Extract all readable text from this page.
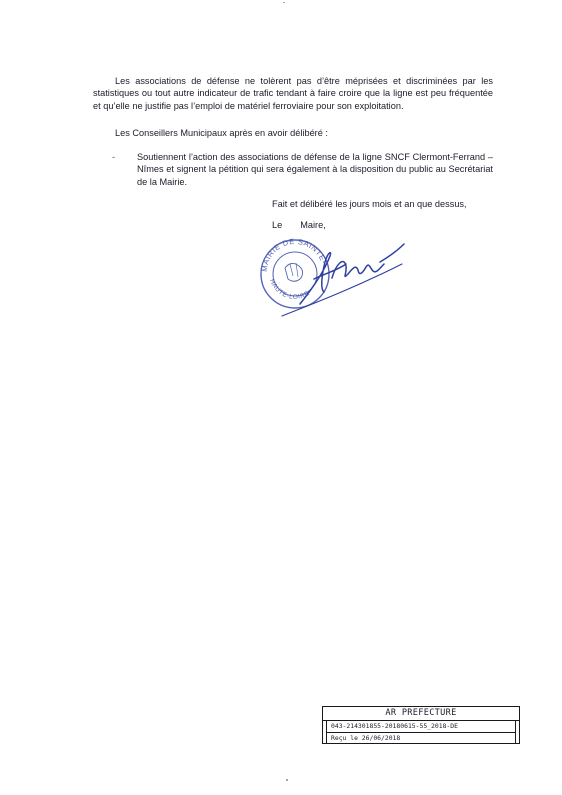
Les associations de défense ne tolèrent pas d’être méprisées et discriminées par les statistiques ou tout autre indicateur de trafic tendant à faire croire que la ligne est peu fréquentée et qu’elle ne justifie pas l’emploi de matériel ferroviaire pour son exploitation.

Les Conseillers Municipaux après en avoir délibéré :

-	Soutiennent l’action des associations de défense de la ligne SNCF Clermont-Ferrand – Nîmes et signent la pétition qui sera également à la disposition du public au Secrétariat de la Mairie.
Fait et délibéré les jours mois et an que dessus,
Le Maire,
MAIRIE DE SAINTE-
HAUTE-LOIRE
AR PREFECTURE
043-214301855-20180615-55_2018-DE
Reçu le 26/06/2018
